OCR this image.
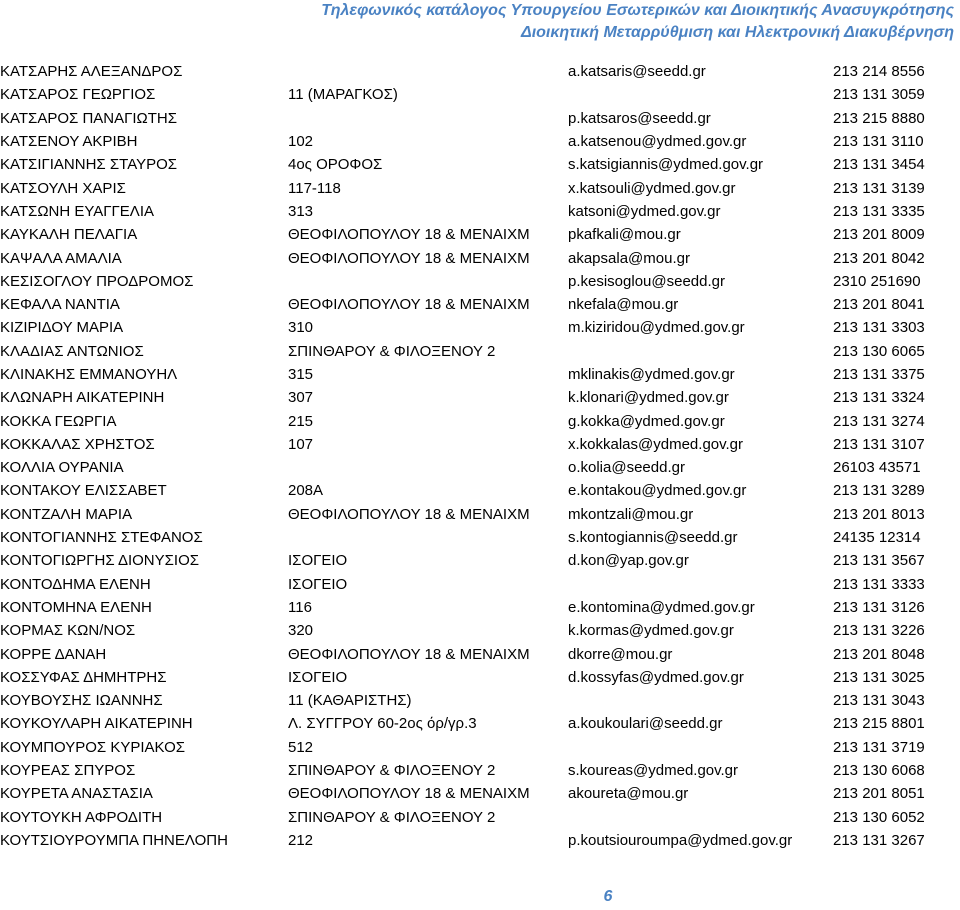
Τηλεφωνικός κατάλογος Υπουργείου Εσωτερικών και Διοικητικής Ανασυγκρότησης
Διοικητική Μεταρρύθμιση και Ηλεκτρονική Διακυβέρνηση
ΚΑΤΣΑΡΗΣ ΑΛΕΞΑΝΔΡΟΣ		a.katsaris@seedd.gr	213 214 8556
ΚΑΤΣΑΡΟΣ ΓΕΩΡΓΙΟΣ	11 (ΜΑΡΑΓΚΟΣ)		213 131 3059
ΚΑΤΣΑΡΟΣ ΠΑΝΑΓΙΩΤΗΣ		p.katsaros@seedd.gr	213 215 8880
ΚΑΤΣΕΝΟΥ ΑΚΡΙΒΗ	102	a.katsenou@ydmed.gov.gr	213 131 3110
ΚΑΤΣΙΓΙΑΝΝΗΣ ΣΤΑΥΡΟΣ	4ος ΟΡΟΦΟΣ	s.katsigiannis@ydmed.gov.gr	213 131 3454
ΚΑΤΣΟΥΛΗ ΧΑΡΙΣ	117-118	x.katsouli@ydmed.gov.gr	213 131 3139
ΚΑΤΣΩΝΗ ΕΥΑΓΓΕΛΙΑ	313	katsoni@ydmed.gov.gr	213 131 3335
ΚΑΥΚΑΛΗ ΠΕΛΑΓΙΑ	ΘΕΟΦΙΛΟΠΟΥΛΟΥ 18 & ΜΕΝΑΙΧΜ	pkafkali@mou.gr	213 201 8009
ΚΑΨΑΛΑ ΑΜΑΛΙΑ	ΘΕΟΦΙΛΟΠΟΥΛΟΥ 18 & ΜΕΝΑΙΧΜ	akapsala@mou.gr	213 201 8042
ΚΕΣΙΣΟΓΛΟΥ ΠΡΟΔΡΟΜΟΣ		p.kesisoglou@seedd.gr	2310 251690
ΚΕΦΑΛΑ ΝΑΝΤΙΑ	ΘΕΟΦΙΛΟΠΟΥΛΟΥ 18 & ΜΕΝΑΙΧΜ	nkefala@mou.gr	213 201 8041
ΚΙΖΙΡΙΔΟΥ ΜΑΡΙΑ	310	m.kiziridou@ydmed.gov.gr	213 131 3303
ΚΛΑΔΙΑΣ ΑΝΤΩΝΙΟΣ	ΣΠΙΝΘΑΡΟΥ & ΦΙΛΟΞΕΝΟΥ 2		213 130 6065
ΚΛΙΝΑΚΗΣ ΕΜΜΑΝΟΥΗΛ	315	mklinakis@ydmed.gov.gr	213 131 3375
ΚΛΩΝΑΡΗ ΑΙΚΑΤΕΡΙΝΗ	307	k.klonari@ydmed.gov.gr	213 131 3324
ΚΟΚΚΑ ΓΕΩΡΓΙΑ	215	g.kokka@ydmed.gov.gr	213 131 3274
ΚΟΚΚΑΛΑΣ ΧΡΗΣΤΟΣ	107	x.kokkalas@ydmed.gov.gr	213 131 3107
ΚΟΛΛΙΑ ΟΥΡΑΝΙΑ		o.kolia@seedd.gr	26103 43571
ΚΟΝΤΑΚΟΥ ΕΛΙΣΣΑΒΕΤ	208Α	e.kontakou@ydmed.gov.gr	213 131 3289
ΚΟΝΤΖΑΛΗ ΜΑΡΙΑ	ΘΕΟΦΙΛΟΠΟΥΛΟΥ 18 & ΜΕΝΑΙΧΜ	mkontzali@mou.gr	213 201 8013
ΚΟΝΤΟΓΙΑΝΝΗΣ ΣΤΕΦΑΝΟΣ		s.kontogiannis@seedd.gr	24135 12314
ΚΟΝΤΟΓΙΩΡΓΗΣ ΔΙΟΝΥΣΙΟΣ	ΙΣΟΓΕΙΟ	d.kon@yap.gov.gr	213 131 3567
ΚΟΝΤΟΔΗΜΑ ΕΛΕΝΗ	ΙΣΟΓΕΙΟ		213 131 3333
ΚΟΝΤΟΜΗΝΑ ΕΛΕΝΗ	116	e.kontomina@ydmed.gov.gr	213 131 3126
ΚΟΡΜΑΣ ΚΩΝ/ΝΟΣ	320	k.kormas@ydmed.gov.gr	213 131 3226
ΚΟΡΡΕ ΔΑΝΑΗ	ΘΕΟΦΙΛΟΠΟΥΛΟΥ 18 & ΜΕΝΑΙΧΜ	dkorre@mou.gr	213 201 8048
ΚΟΣΣΥΦΑΣ ΔΗΜΗΤΡΗΣ	ΙΣΟΓΕΙΟ	d.kossyfas@ydmed.gov.gr	213 131 3025
ΚΟΥΒΟΥΣΗΣ ΙΩΑΝΝΗΣ	11 (ΚΑΘΑΡΙΣΤΗΣ)		213 131 3043
ΚΟΥΚΟΥΛΑΡΗ ΑΙΚΑΤΕΡΙΝΗ	Λ. ΣΥΓΓΡΟΥ 60-2ος όρ/γρ.3	a.koukoulari@seedd.gr	213 215 8801
ΚΟΥΜΠΟΥΡΟΣ ΚΥΡΙΑΚΟΣ	512		213 131 3719
ΚΟΥΡΕΑΣ ΣΠΥΡΟΣ	ΣΠΙΝΘΑΡΟΥ & ΦΙΛΟΞΕΝΟΥ 2	s.koureas@ydmed.gov.gr	213 130 6068
ΚΟΥΡΕΤΑ ΑΝΑΣΤΑΣΙΑ	ΘΕΟΦΙΛΟΠΟΥΛΟΥ 18 & ΜΕΝΑΙΧΜ	akoureta@mou.gr	213 201 8051
ΚΟΥΤΟΥΚΗ ΑΦΡΟΔΙΤΗ	ΣΠΙΝΘΑΡΟΥ & ΦΙΛΟΞΕΝΟΥ 2		213 130 6052
ΚΟΥΤΣΙΟΥΡΟΥΜΠΑ ΠΗΝΕΛΟΠΗ	212	p.koutsiouroumpa@ydmed.gov.gr	213 131 3267
6
